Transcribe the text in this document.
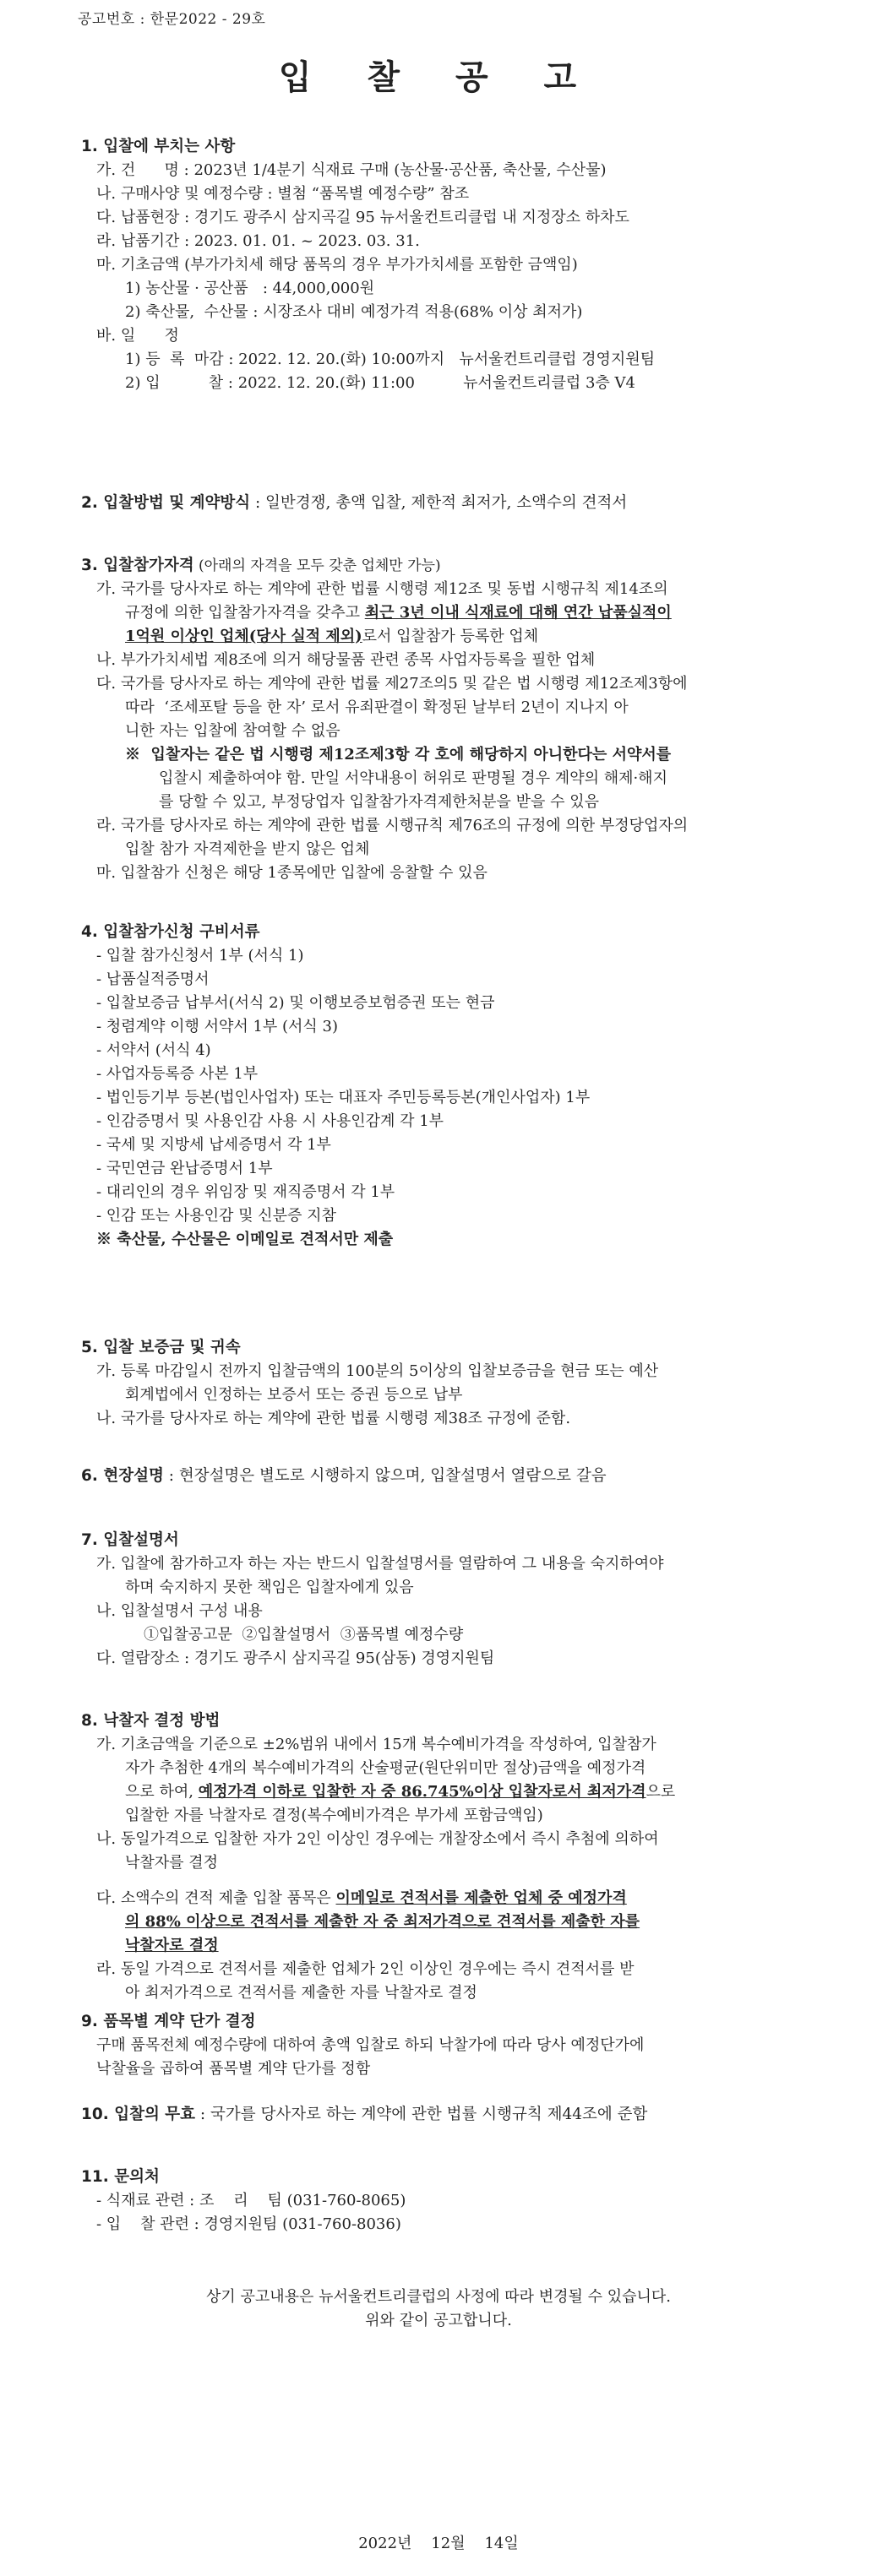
공고번호 : 한문2022 - 29호
입 찰 공 고

1. 입찰에 부치는 사항

가. 건      명 : 2023년 1/4분기 식재료 구매 (농산물·공산품, 축산물, 수산물)

나. 구매사양 및 예정수량 : 별첨 “품목별 예정수량” 참조

다. 납품현장 : 경기도 광주시 삼지곡길 95 뉴서울컨트리클럽 내 지정장소 하차도

라. 납품기간 : 2023. 01. 01. ~ 2023. 03. 31.

마. 기초금액 (부가가치세 해당 품목의 경우 부가가치세를 포함한 금액임)

1) 농산물 · 공산품   : 44,000,000원

2) 축산물,  수산물 : 시장조사 대비 예정가격 적용(68% 이상 최저가)

바. 일      정

1) 등  록  마감 : 2022. 12. 20.(화) 10:00까지   뉴서울컨트리클럽 경영지원팀

2) 입          찰 : 2022. 12. 20.(화) 11:00          뉴서울컨트리클럽 3층 V4

2. 입찰방법 및 계약방식 : 일반경쟁, 총액 입찰, 제한적 최저가, 소액수의 견적서

3. 입찰참가자격 (아래의 자격을 모두 갖춘 업체만 가능)

가. 국가를 당사자로 하는 계약에 관한 법률 시행령 제12조 및 동법 시행규칙 제14조의

규정에 의한 입찰참가자격을 갖추고 최근 3년 이내 식재료에 대해 연간 납품실적이

1억원 이상인 업체(당사 실적 제외)로서 입찰참가 등록한 업체

나. 부가가치세법 제8조에 의거 해당물품 관련 종목 사업자등록을 필한 업체

다. 국가를 당사자로 하는 계약에 관한 법률 제27조의5 및 같은 법 시행령 제12조제3항에

따라  ‘조세포탈 등을 한 자’ 로서 유죄판결이 확정된 날부터 2년이 지나지 아

니한 자는 입찰에 참여할 수 없음

※  입찰자는 같은 법 시행령 제12조제3항 각 호에 해당하지 아니한다는 서약서를

입찰시 제출하여야 함. 만일 서약내용이 허위로 판명될 경우 계약의 해제·해지

를 당할 수 있고, 부정당업자 입찰참가자격제한처분을 받을 수 있음

라. 국가를 당사자로 하는 계약에 관한 법률 시행규칙 제76조의 규정에 의한 부정당업자의

입찰 참가 자격제한을 받지 않은 업체

마. 입찰참가 신청은 해당 1종목에만 입찰에 응찰할 수 있음

4. 입찰참가신청 구비서류

- 입찰 참가신청서 1부 (서식 1)

- 납품실적증명서

- 입찰보증금 납부서(서식 2) 및 이행보증보험증권 또는 현금

- 청렴계약 이행 서약서 1부 (서식 3)

- 서약서 (서식 4)

- 사업자등록증 사본 1부

- 법인등기부 등본(법인사업자) 또는 대표자 주민등록등본(개인사업자) 1부

- 인감증명서 및 사용인감 사용 시 사용인감계 각 1부

- 국세 및 지방세 납세증명서 각 1부

- 국민연금 완납증명서 1부

- 대리인의 경우 위임장 및 재직증명서 각 1부

- 인감 또는 사용인감 및 신분증 지참

※ 축산물, 수산물은 이메일로 견적서만 제출

5. 입찰 보증금 및 귀속

가. 등록 마감일시 전까지 입찰금액의 100분의 5이상의 입찰보증금을 현금 또는 예산

회계법에서 인정하는 보증서 또는 증권 등으로 납부

나. 국가를 당사자로 하는 계약에 관한 법률 시행령 제38조 규정에 준함.

6. 현장설명 : 현장설명은 별도로 시행하지 않으며, 입찰설명서 열람으로 갈음

7. 입찰설명서

가. 입찰에 참가하고자 하는 자는 반드시 입찰설명서를 열람하여 그 내용을 숙지하여야

하며 숙지하지 못한 책임은 입찰자에게 있음

나. 입찰설명서 구성 내용

①입찰공고문  ②입찰설명서  ③품목별 예정수량

다. 열람장소 : 경기도 광주시 삼지곡길 95(삼동) 경영지원팀

8. 낙찰자 결정 방법

가. 기초금액을 기준으로 ±2%범위 내에서 15개 복수예비가격을 작성하여, 입찰참가

자가 추첨한 4개의 복수예비가격의 산술평균(원단위미만 절상)금액을 예정가격

으로 하여, 예정가격 이하로 입찰한 자 중 86.745%이상 입찰자로서 최저가격으로

입찰한 자를 낙찰자로 결정(복수예비가격은 부가세 포함금액임)

나. 동일가격으로 입찰한 자가 2인 이상인 경우에는 개찰장소에서 즉시 추첨에 의하여

낙찰자를 결정

다. 소액수의 견적 제출 입찰 품목은 이메일로 견적서를 제출한 업체 중 예정가격

의 88% 이상으로 견적서를 제출한 자 중 최저가격으로 견적서를 제출한 자를

낙찰자로 결정

라. 동일 가격으로 견적서를 제출한 업체가 2인 이상인 경우에는 즉시 견적서를 받

아 최저가격으로 견적서를 제출한 자를 낙찰자로 결정

9. 품목별 계약 단가 결정

구매 품목전체 예정수량에 대하여 총액 입찰로 하되 낙찰가에 따라 당사 예정단가에

낙찰율을 곱하여 품목별 계약 단가를 정함

10. 입찰의 무효 : 국가를 당사자로 하는 계약에 관한 법률 시행규칙 제44조에 준함

11. 문의처

- 식재료 관련 : 조    리    팀 (031-760-8065)

- 입    찰 관련 : 경영지원팀 (031-760-8036)

상기 공고내용은 뉴서울컨트리클럽의 사정에 따라 변경될 수 있습니다.

위와 같이 공고합니다.

2022년    12월    14일
